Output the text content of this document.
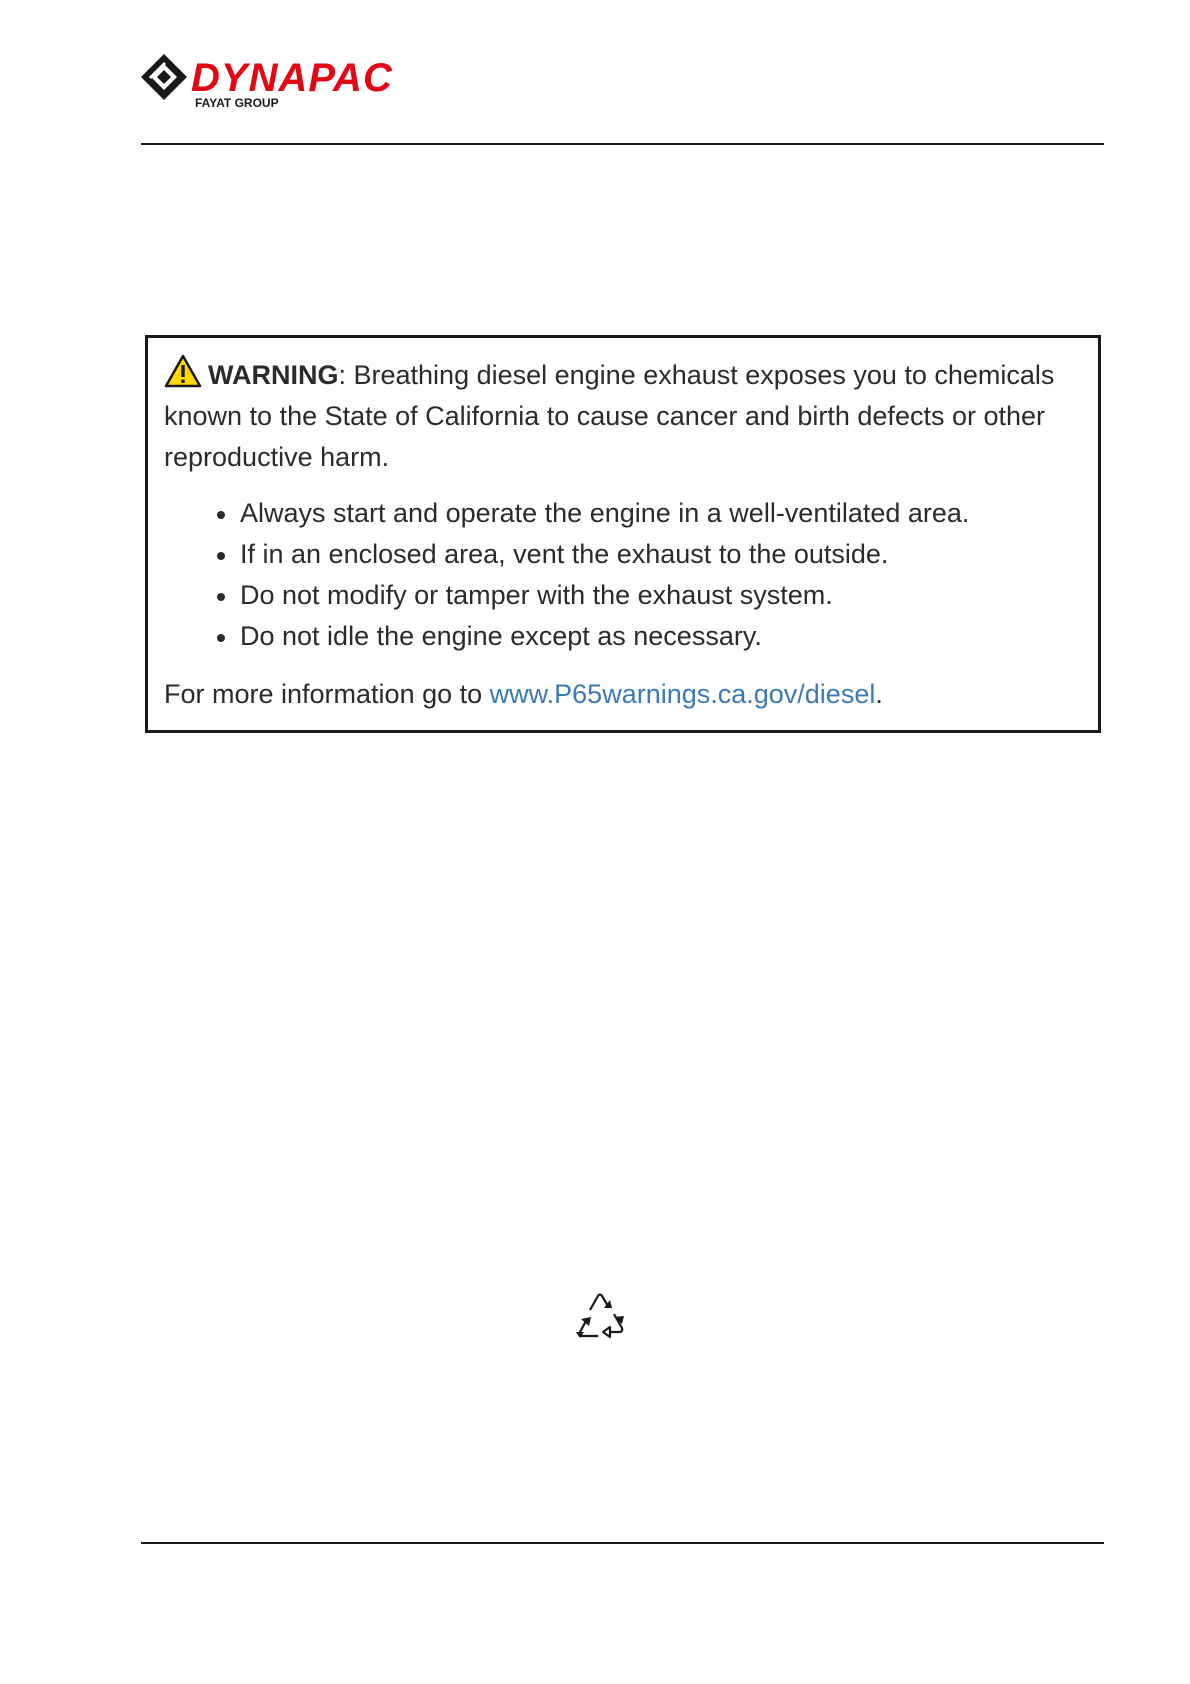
DYNAPAC
FAYAT GROUP

WARNING: Breathing diesel engine exhaust exposes you to chemicals known to the State of California to cause cancer and birth defects or other reproductive harm.

Always start and operate the engine in a well-ventilated area.
If in an enclosed area, vent the exhaust to the outside.
Do not modify or tamper with the exhaust system.
Do not idle the engine except as necessary.

For more information go to www.P65warnings.ca.gov/diesel.
